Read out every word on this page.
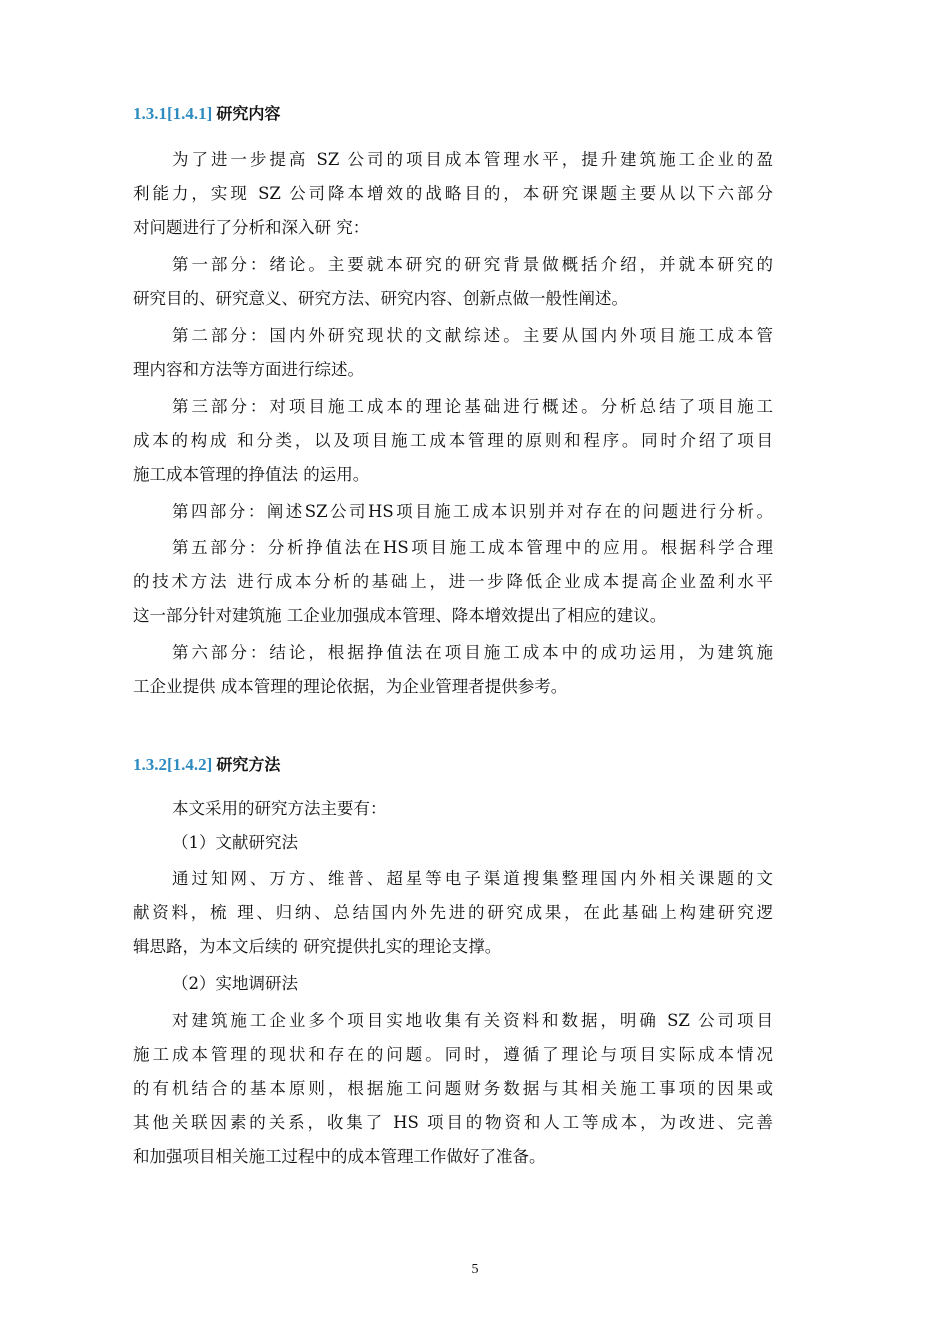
1.3.1[1.4.1] 研究内容
为了进一步提高 SZ 公司的项目成本管理水平，提升建筑施工企业的盈
利能力，实现 SZ 公司降本增效的战略目的，本研究课题主要从以下六部分
对问题进行了分析和深入研 究：
第一部分：绪论。主要就本研究的研究背景做概括介绍，并就本研究的
研究目的、研究意义、研究方法、研究内容、创新点做一般性阐述。
第二部分：国内外研究现状的文献综述。主要从国内外项目施工成本管
理内容和方法等方面进行综述。
第三部分：对项目施工成本的理论基础进行概述。分析总结了项目施工
成本的构成 和分类，以及项目施工成本管理的原则和程序。同时介绍了项目
施工成本管理的挣值法 的运用。
第四部分：阐述SZ公司HS项目施工成本识别并对存在的问题进行分析。
第五部分：分析挣值法在HS项目施工成本管理中的应用。根据科学合理
的技术方法 进行成本分析的基础上，进一步降低企业成本提高企业盈利水平
这一部分针对建筑施 工企业加强成本管理、降本增效提出了相应的建议。
第六部分：结论，根据挣值法在项目施工成本中的成功运用，为建筑施
工企业提供 成本管理的理论依据，为企业管理者提供参考。
1.3.2[1.4.2] 研究方法
本文采用的研究方法主要有：
（1）文献研究法
通过知网、万方、维普、超星等电子渠道搜集整理国内外相关课题的文
献资料，梳 理、归纳、总结国内外先进的研究成果，在此基础上构建研究逻
辑思路，为本文后续的 研究提供扎实的理论支撑。
（2）实地调研法
对建筑施工企业多个项目实地收集有关资料和数据，明确 SZ 公司项目
施工成本管理的现状和存在的问题。同时，遵循了理论与项目实际成本情况
的有机结合的基本原则，根据施工问题财务数据与其相关施工事项的因果或
其他关联因素的关系，收集了 HS 项目的物资和人工等成本，为改进、完善
和加强项目相关施工过程中的成本管理工作做好了准备。
5
